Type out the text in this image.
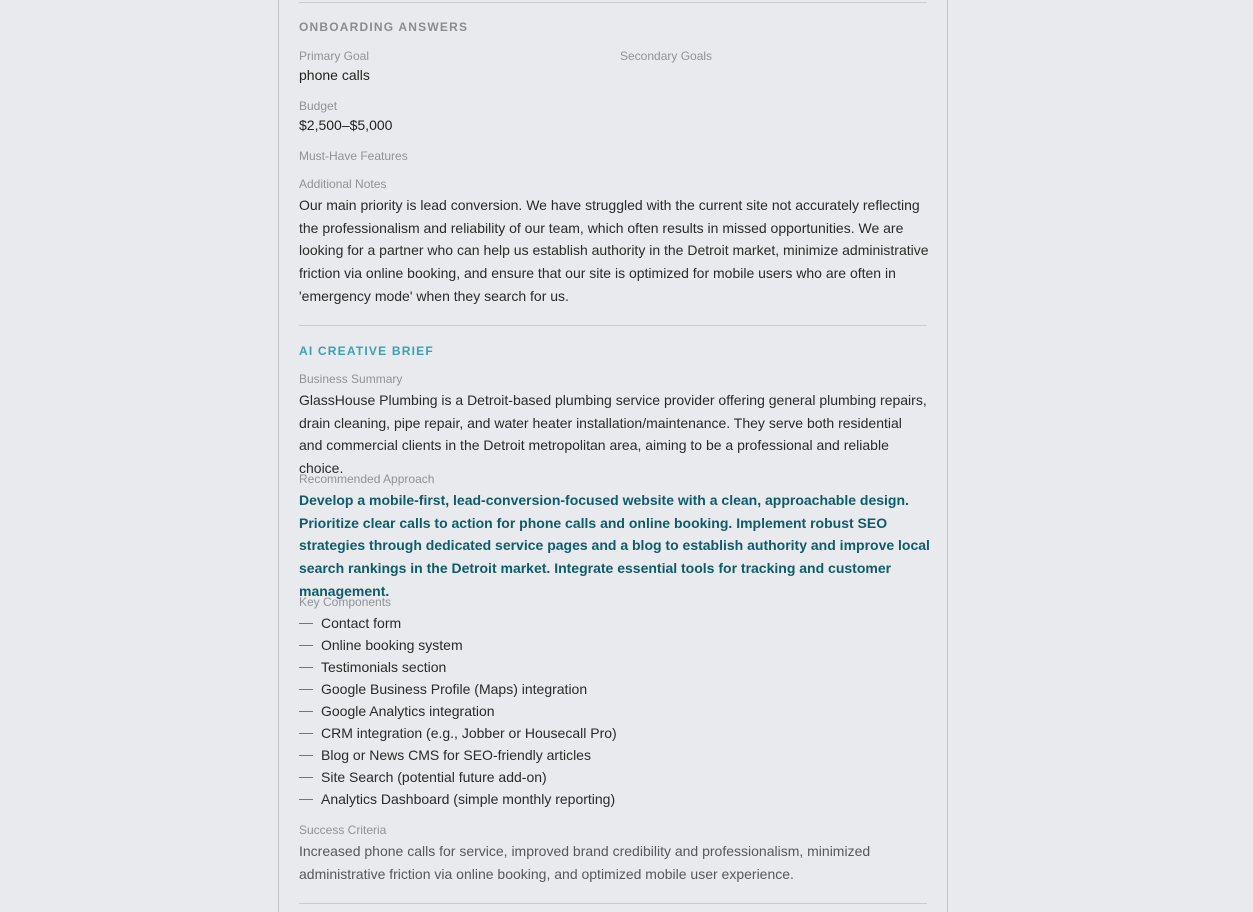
ONBOARDING ANSWERS
Primary Goal
phone calls
Secondary Goals
Budget
$2,500–$5,000
Must-Have Features
Additional Notes
Our main priority is lead conversion. We have struggled with the current site not accurately reflecting the professionalism and reliability of our team, which often results in missed opportunities. We are looking for a partner who can help us establish authority in the Detroit market, minimize administrative friction via online booking, and ensure that our site is optimized for mobile users who are often in 'emergency mode' when they search for us.
AI CREATIVE BRIEF
Business Summary
GlassHouse Plumbing is a Detroit-based plumbing service provider offering general plumbing repairs, drain cleaning, pipe repair, and water heater installation/maintenance. They serve both residential and commercial clients in the Detroit metropolitan area, aiming to be a professional and reliable choice.
Recommended Approach
Develop a mobile-first, lead-conversion-focused website with a clean, approachable design. Prioritize clear calls to action for phone calls and online booking. Implement robust SEO strategies through dedicated service pages and a blog to establish authority and improve local search rankings in the Detroit market. Integrate essential tools for tracking and customer management.
Key Components
Contact form
Online booking system
Testimonials section
Google Business Profile (Maps) integration
Google Analytics integration
CRM integration (e.g., Jobber or Housecall Pro)
Blog or News CMS for SEO-friendly articles
Site Search (potential future add-on)
Analytics Dashboard (simple monthly reporting)
Success Criteria
Increased phone calls for service, improved brand credibility and professionalism, minimized administrative friction via online booking, and optimized mobile user experience.
